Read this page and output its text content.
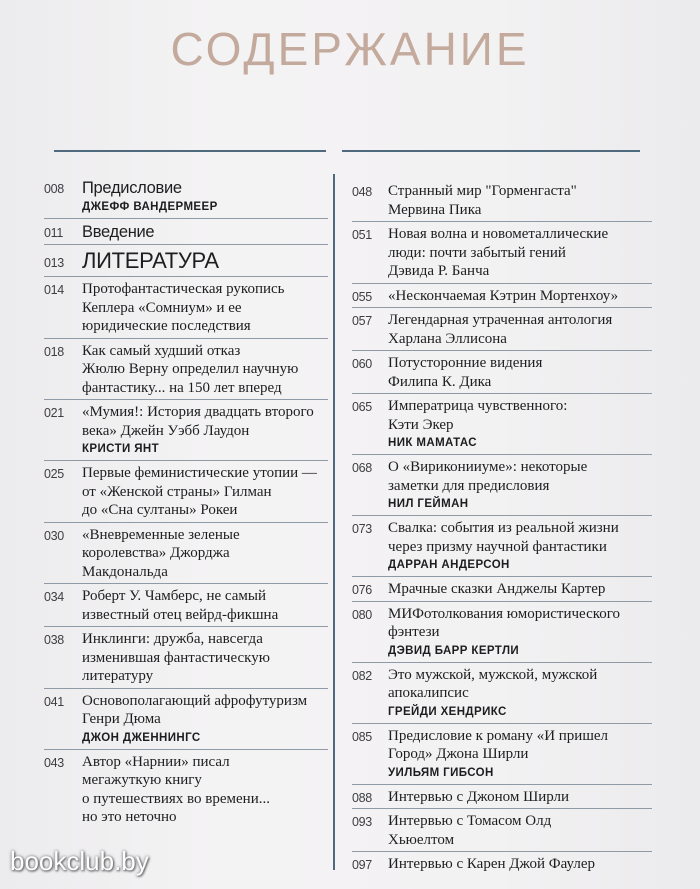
СОДЕРЖАНИЕ
008	Предисловие
ДЖЕФФ ВАНДЕРМЕЕР
011	Введение
013 ЛИТЕРАТУРА
014	Протофантастическая рукопись
Кеплера «Сомниум» и ее
юридические последствия
018	Как самый худший отказ
Жюлю Верну определил научную
фантастику... на 150 лет вперед
021	«Мумия!: История двадцать второго
века» Джейн Уэбб Лаудон
КРИСТИ ЯНТ
025	Первые феминистические утопии —
от «Женской страны» Гилман
до «Сна султаны» Рокеи
030	«Вневременные зеленые
королевства» Джорджа
Макдональда
034	Роберт У. Чамберс, не самый
известный отец вейрд-фикшна
038	Инклинги: дружба, навсегда
изменившая фантастическую
литературу
041	Основополагающий афрофутуризм
Генри Дюма
ДЖОН ДЖЕННИНГС
043	Автор «Нарнии» писал
мегажуткую книгу
о путешествиях во времени...
но это неточно
048	Странный мир "Горменгаста"
Мервина Пика
051	Новая волна и новометаллические
люди: почти забытый гений
Дэвида Р. Банча
055	«Нескончаемая Кэтрин Мортенхоу»
057	Легендарная утраченная антология
Харлана Эллисона
060	Потусторонние видения
Филипа К. Дика
065	Императрица чувственного:
Кэти Экер
НИК МАМАТАС
068	О «Вириконииуме»: некоторые
заметки для предисловия
НИЛ ГЕЙМАН
073	Свалка: события из реальной жизни
через призму научной фантастики
ДАРРАН АНДЕРСОН
076	Мрачные сказки Анджелы Картер
080	МИФотолкования юмористического
фэнтези
ДЭВИД БАРР КЕРТЛИ
082	Это мужской, мужской, мужской
апокалипсис
ГРЕЙДИ ХЕНДРИКС
085	Предисловие к роману «И пришел
Город» Джона Ширли
УИЛЬЯМ ГИБСОН
088	Интервью с Джоном Ширли
093	Интервью с Томасом Олд
Хьюелтом
097	Интервью с Карен Джой Фаулер
bookclub.by
